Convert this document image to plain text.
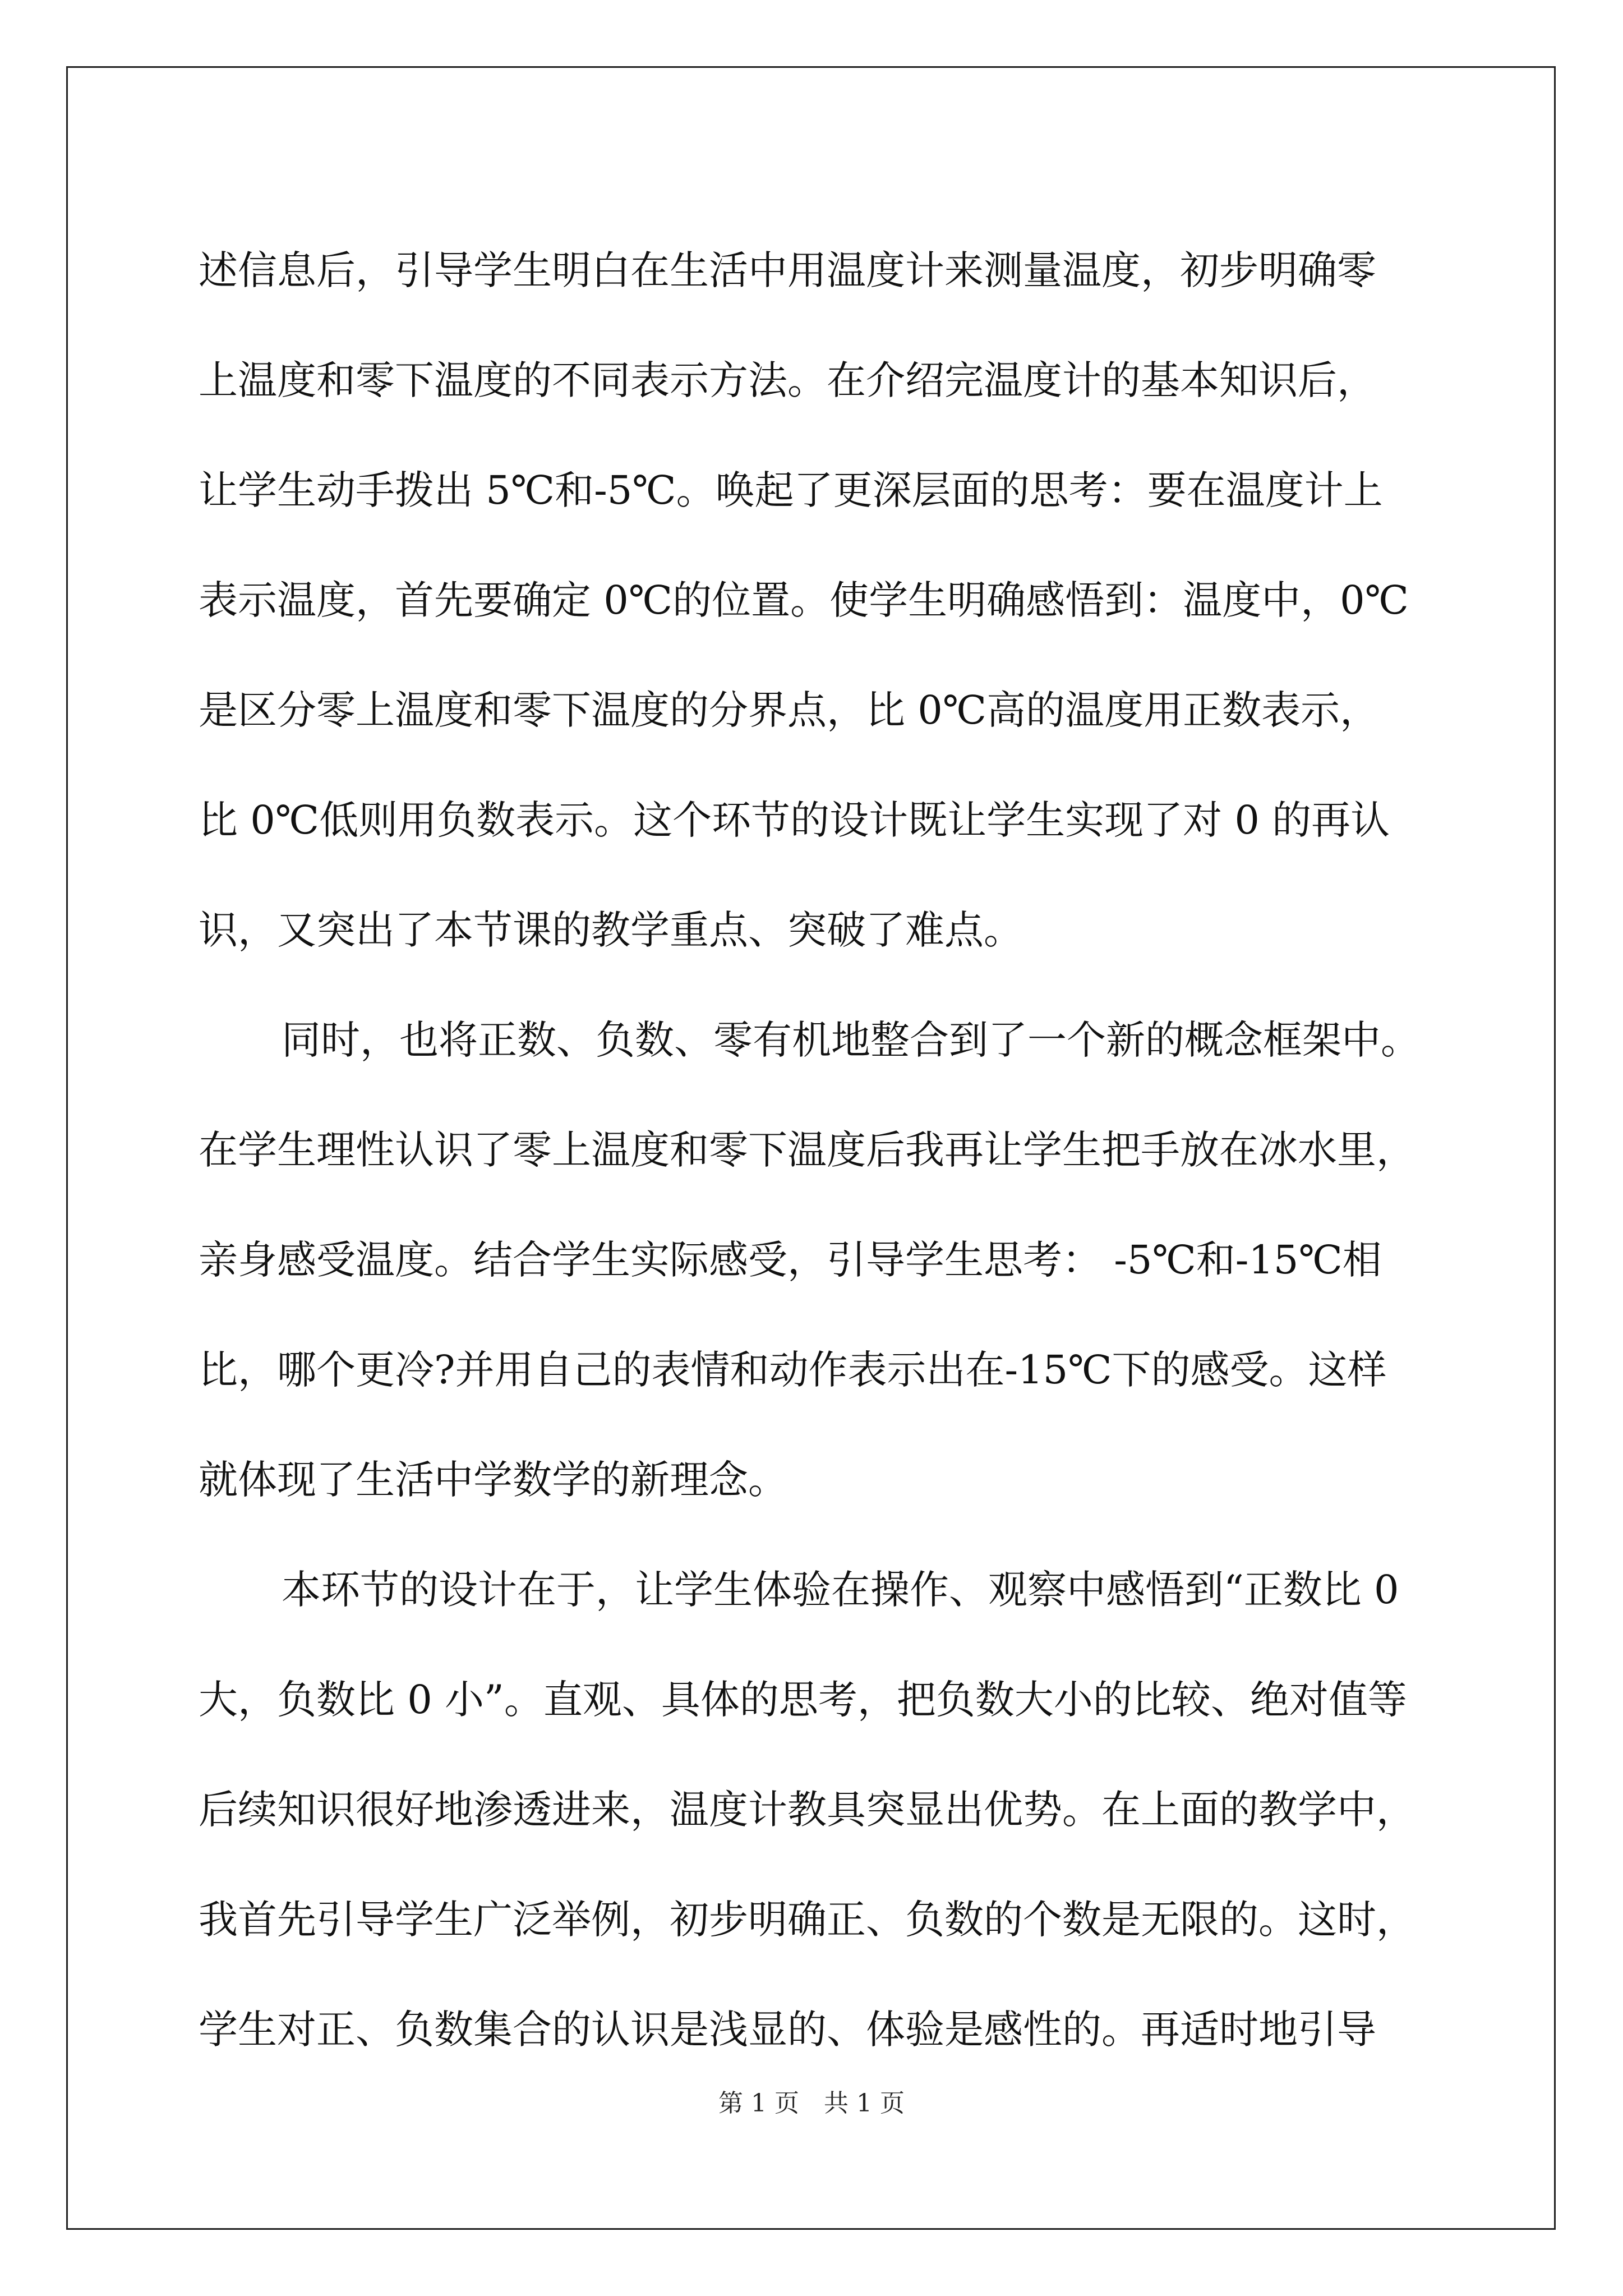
述信息后，引导学生明白在生活中用温度计来测量温度，初步明确零
上温度和零下温度的不同表示方法。在介绍完温度计的基本知识后，
让学生动手拨出 5℃和-5℃。唤起了更深层面的思考：要在温度计上
表示温度，首先要确定 0℃的位置。使学生明确感悟到：温度中，0℃
是区分零上温度和零下温度的分界点，比 0℃高的温度用正数表示，
比 0℃低则用负数表示。这个环节的设计既让学生实现了对 0 的再认
识，又突出了本节课的教学重点、突破了难点。
同时，也将正数、负数、零有机地整合到了一个新的概念框架中。
在学生理性认识了零上温度和零下温度后我再让学生把手放在冰水里，
亲身感受温度。结合学生实际感受，引导学生思考： -5℃和-15℃相
比，哪个更冷?并用自己的表情和动作表示出在-15℃下的感受。这样
就体现了生活中学数学的新理念。
本环节的设计在于，让学生体验在操作、观察中感悟到“正数比 0
大，负数比 0 小”。直观、具体的思考，把负数大小的比较、绝对值等
后续知识很好地渗透进来，温度计教具突显出优势。在上面的教学中，
我首先引导学生广泛举例，初步明确正、负数的个数是无限的。这时，
学生对正、负数集合的认识是浅显的、体验是感性的。再适时地引导
第 1 页　共 1 页
